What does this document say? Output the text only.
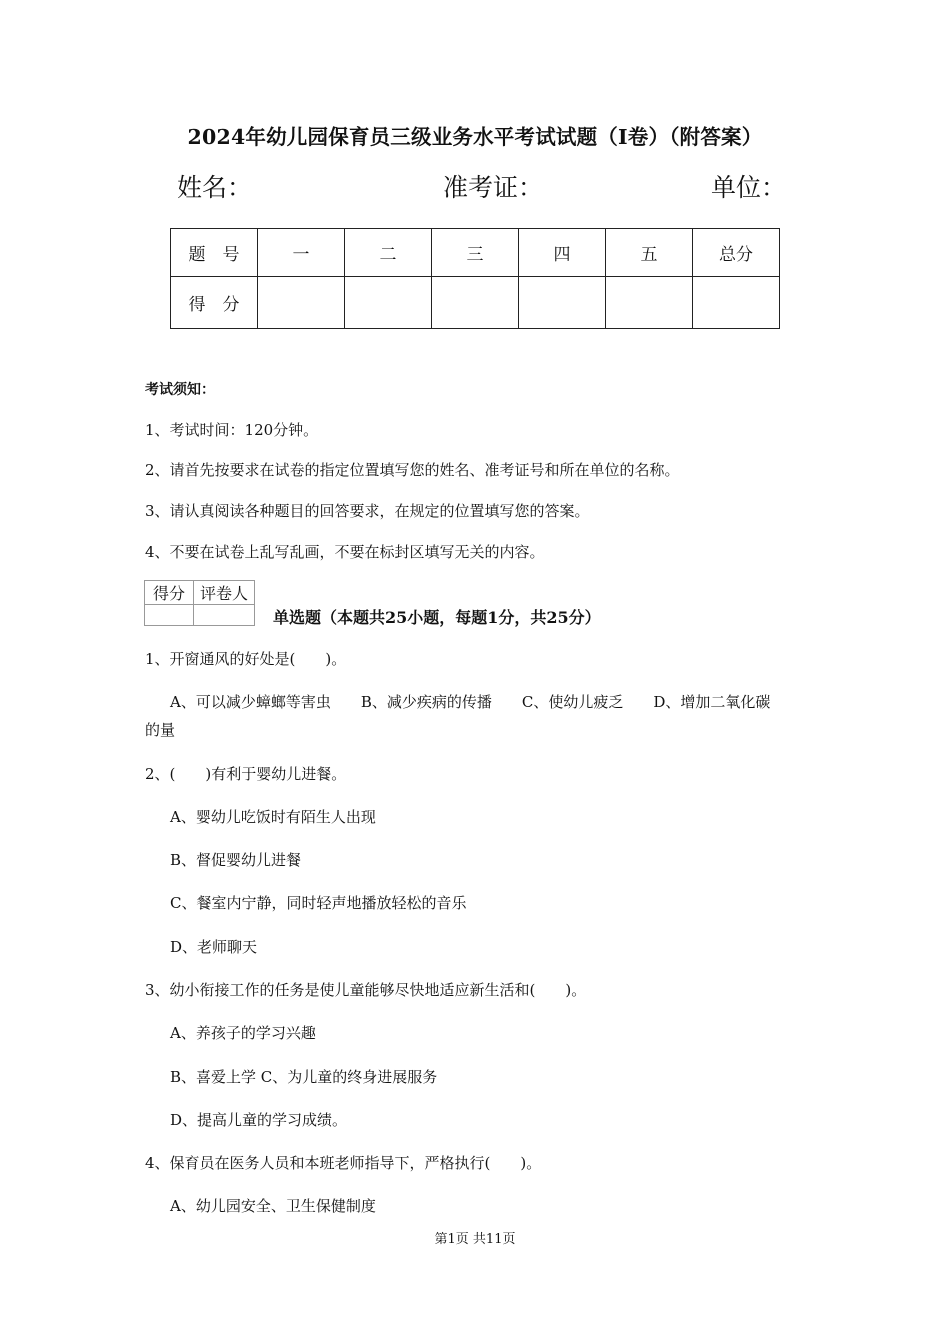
2024年幼儿园保育员三级业务水平考试试题（I卷）（附答案）
姓名：	准考证：	单位：
题　号	一	二	三	四	五	总分
得　分						
考试须知：
1、考试时间：120分钟。
2、请首先按要求在试卷的指定位置填写您的姓名、准考证号和所在单位的名称。
3、请认真阅读各种题目的回答要求，在规定的位置填写您的答案。
4、不要在试卷上乱写乱画，不要在标封区填写无关的内容。
得分	评卷人

单选题（本题共25小题，每题1分，共25分）
1、开窗通风的好处是(　　)。
A、可以减少蟑螂等害虫　　B、减少疾病的传播　　C、使幼儿疲乏　　D、增加二氧化碳
的量
2、(　　)有利于婴幼儿进餐。
A、婴幼儿吃饭时有陌生人出现
B、督促婴幼儿进餐
C、餐室内宁静，同时轻声地播放轻松的音乐
D、老师聊天
3、幼小衔接工作的任务是使儿童能够尽快地适应新生活和(　　)。
A、养孩子的学习兴趣
B、喜爱上学 C、为儿童的终身进展服务
D、提高儿童的学习成绩。
4、保育员在医务人员和本班老师指导下，严格执行(　　)。
A、幼儿园安全、卫生保健制度
第1页 共11页
